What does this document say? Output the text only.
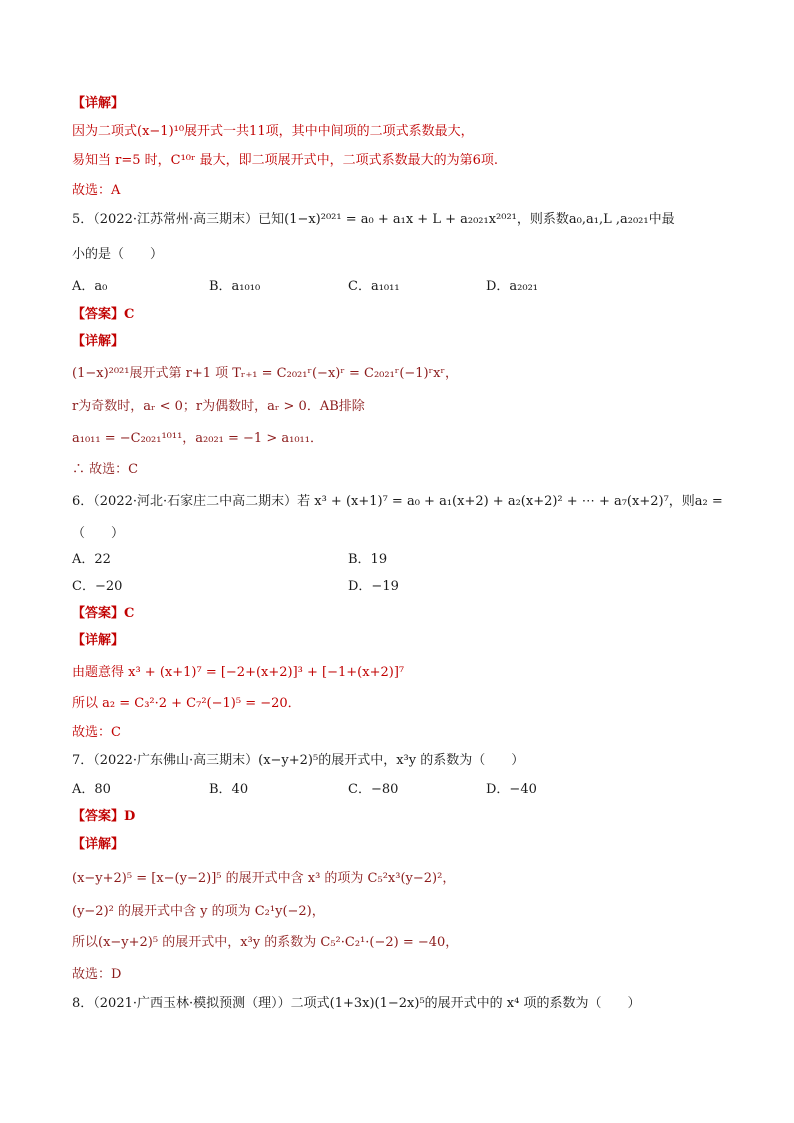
【详解】
因为二项式(x−1)¹⁰展开式一共11项，其中中间项的二项式系数最大，
易知当 r=5 时，C¹⁰ʳ 最大，即二项展开式中，二项式系数最大的为第6项.
故选：A
5．（2022·江苏常州·高三期末）已知(1−x)²⁰²¹ = a₀ + a₁x + L + a₂₀₂₁x²⁰²¹，则系数a₀,a₁,L ,a₂₀₂₁中最
小的是（　　）
A．a₀	B．a₁₀₁₀	C．a₁₀₁₁	D．a₂₀₂₁
【答案】C
【详解】
(1−x)²⁰²¹展开式第 r+1 项 Tᵣ₊₁ = C₂₀₂₁ʳ(−x)ʳ = C₂₀₂₁ʳ(−1)ʳxʳ，
r为奇数时，aᵣ < 0；r为偶数时，aᵣ > 0．AB排除
a₁₀₁₁ = −C₂₀₂₁¹⁰¹¹，a₂₀₂₁ = −1 > a₁₀₁₁．
∴ 故选：C
6．（2022·河北·石家庄二中高二期末）若 x³ + (x+1)⁷ = a₀ + a₁(x+2) + a₂(x+2)² + ⋯ + a₇(x+2)⁷，则a₂ =
（　　）
A．22	B．19
C．−20	D．−19
【答案】C
【详解】
由题意得 x³ + (x+1)⁷ = [−2+(x+2)]³ + [−1+(x+2)]⁷
所以 a₂ = C₃²·2 + C₇²(−1)⁵ = −20．
故选：C
7．（2022·广东佛山·高三期末）(x−y+2)⁵的展开式中，x³y 的系数为（　　）
A．80	B．40	C．−80	D．−40
【答案】D
【详解】
(x−y+2)⁵ = [x−(y−2)]⁵ 的展开式中含 x³ 的项为 C₅²x³(y−2)²，
(y−2)² 的展开式中含 y 的项为 C₂¹y(−2)，
所以(x−y+2)⁵ 的展开式中，x³y 的系数为 C₅²·C₂¹·(−2) = −40，
故选：D
8．（2021·广西玉林·模拟预测（理））二项式(1+3x)(1−2x)⁵的展开式中的 x⁴ 项的系数为（　　）
